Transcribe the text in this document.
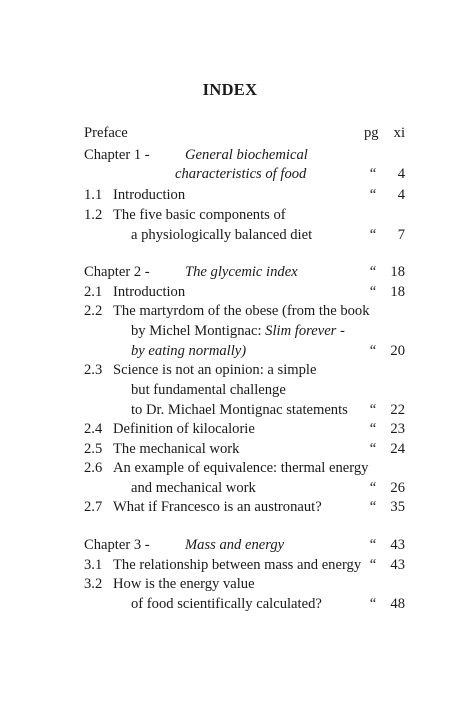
INDEX
Preface	pg xi
Chapter 1 - General biochemical
characteristics of food	“ 4
1.1 Introduction	“ 4
1.2 The five basic components of
a physiologically balanced diet	“ 7
Chapter 2 - The glycemic index	“ 18
2.1 Introduction	“ 18
2.2 The martyrdom of the obese (from the book
by Michel Montignac: Slim forever -
by eating normally)	“ 20
2.3 Science is not an opinion: a simple
but fundamental challenge
to Dr. Michael Montignac statements “ 22
2.4 Definition of kilocalorie	“ 23
2.5 The mechanical work	“ 24
2.6 An example of equivalence: thermal energy
and mechanical work	“ 26
2.7 What if Francesco is an austronaut?	“ 35
Chapter 3 - Mass and energy	“ 43
3.1 The relationship between mass and energy “ 43
3.2 How is the energy value
of food scientifically calculated?	“ 48
